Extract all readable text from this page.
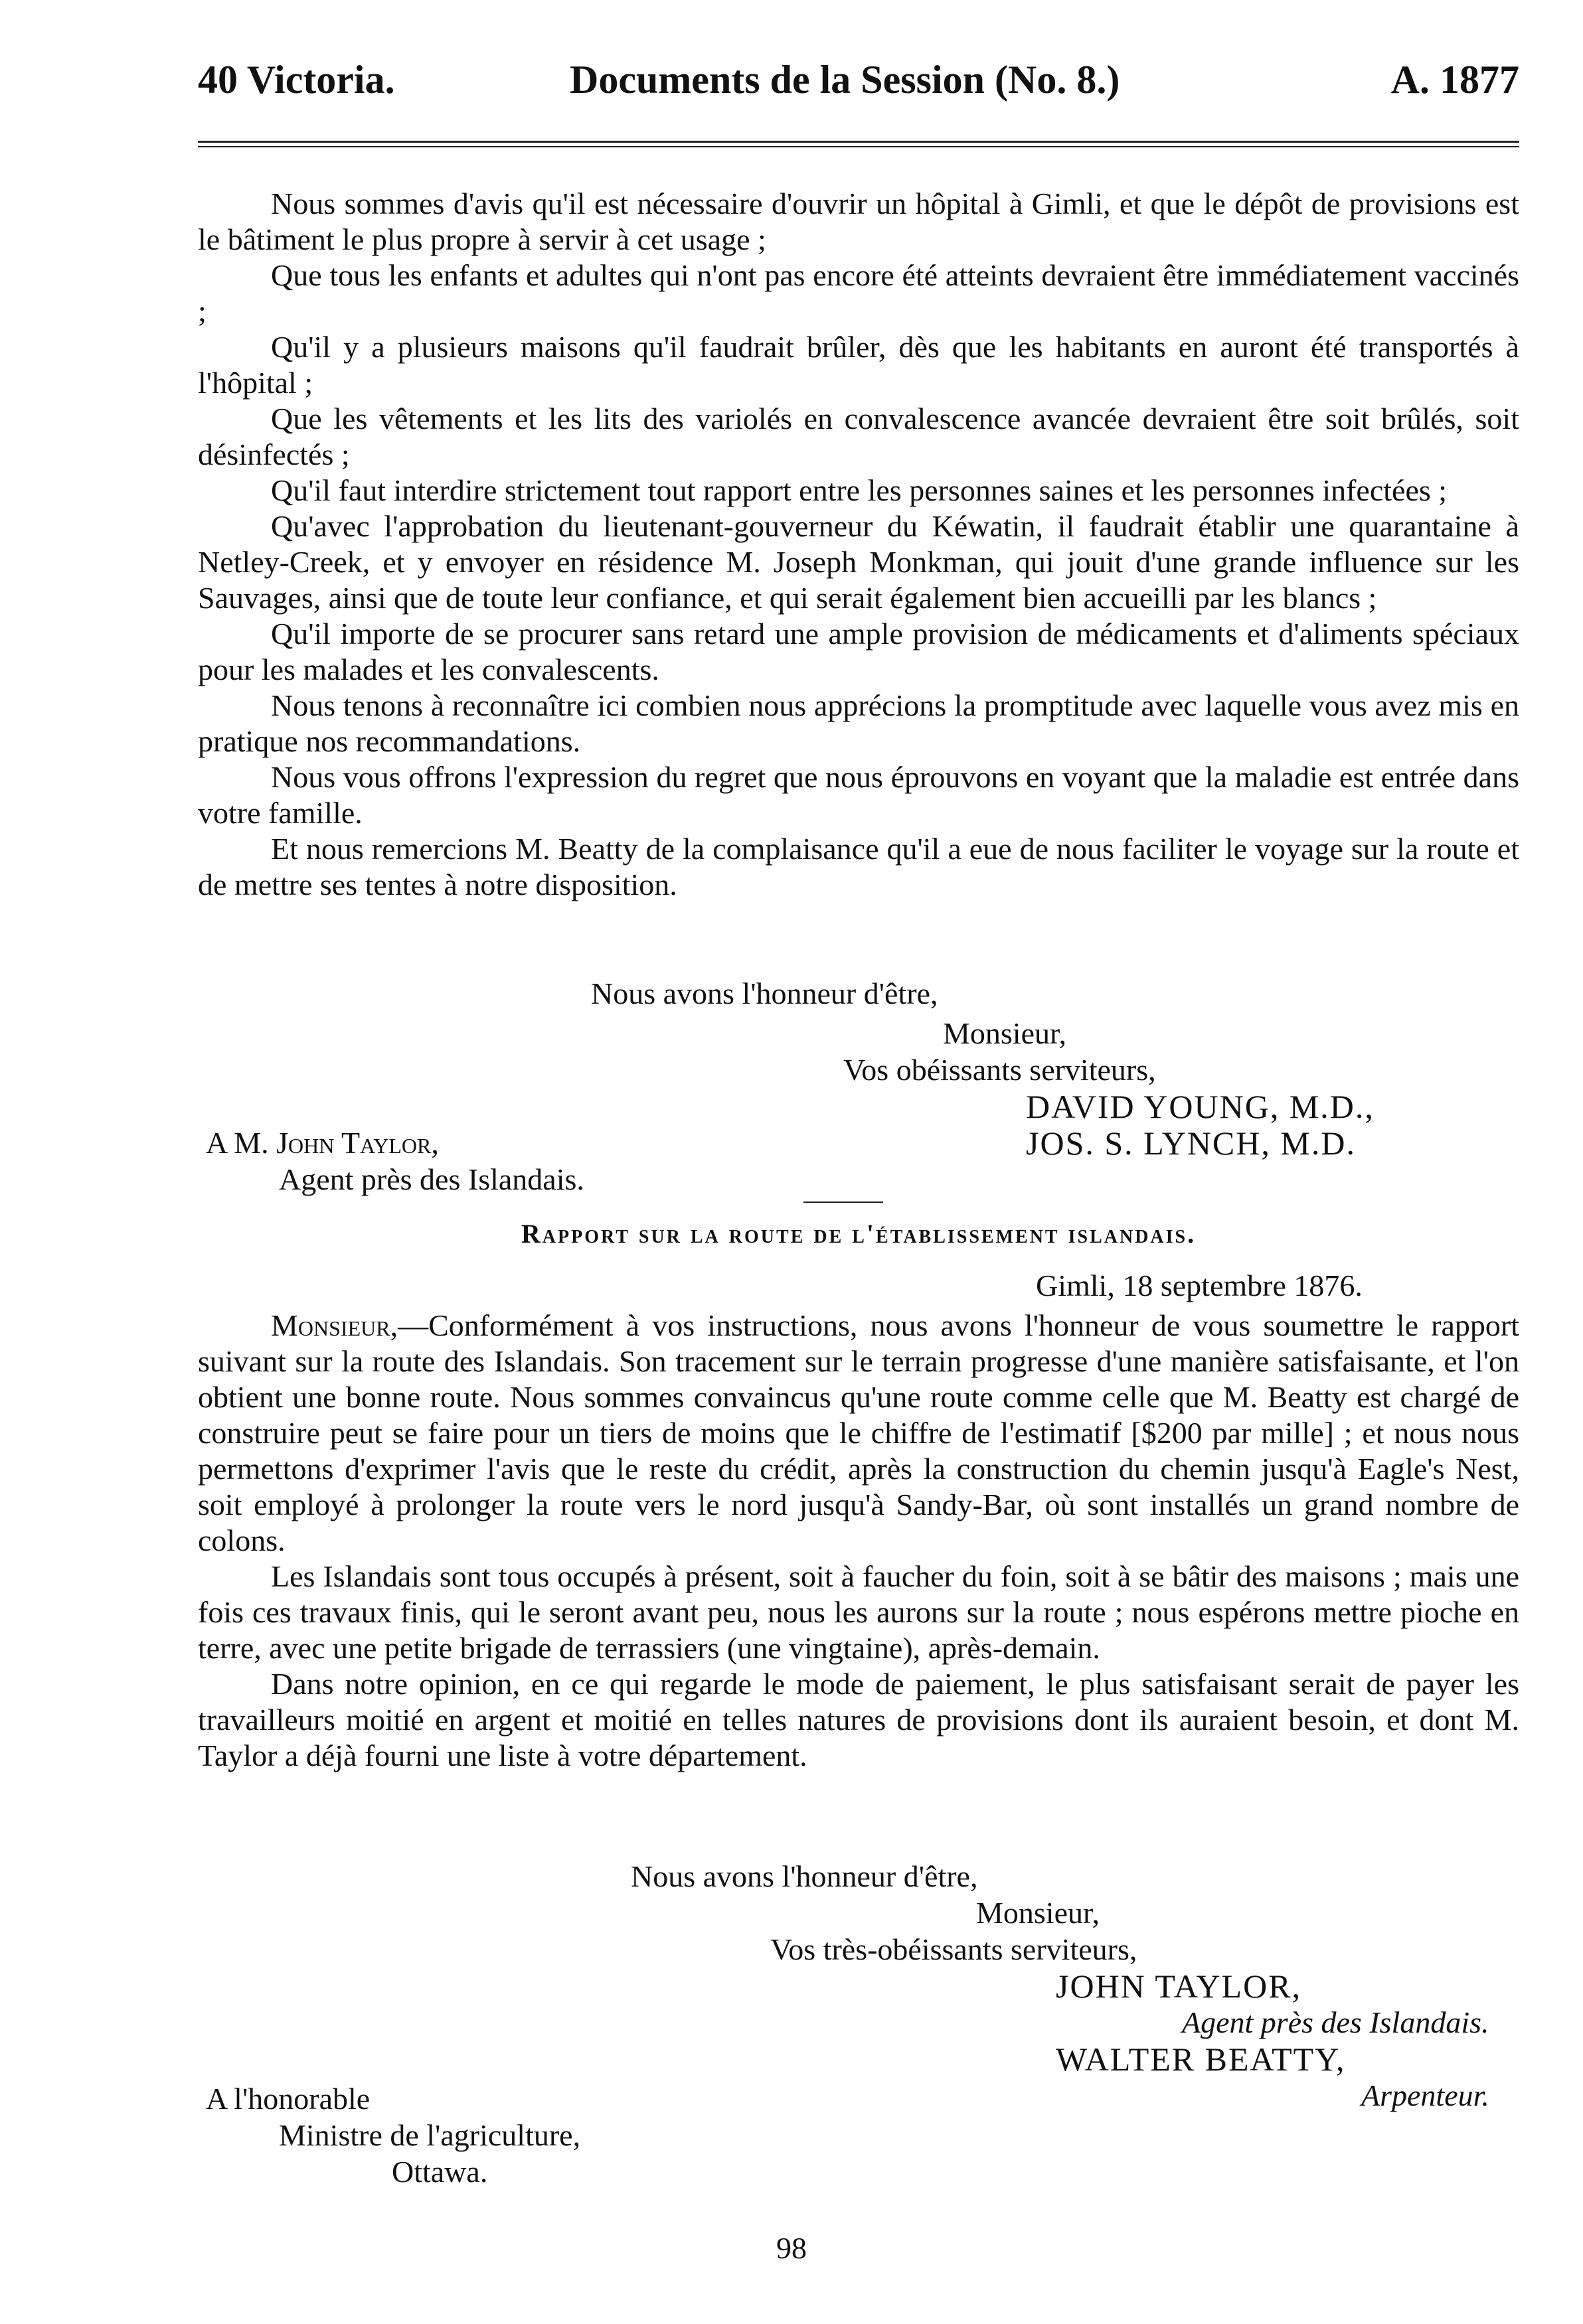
40 Victoria.	Documents de la Session (No. 8.)	A. 1877

Nous sommes d'avis qu'il est nécessaire d'ouvrir un hôpital à Gimli, et que le dépôt de provisions est le bâtiment le plus propre à servir à cet usage ;

Que tous les enfants et adultes qui n'ont pas encore été atteints devraient être immédiatement vaccinés ;

Qu'il y a plusieurs maisons qu'il faudrait brûler, dès que les habitants en auront été transportés à l'hôpital ;

Que les vêtements et les lits des variolés en convalescence avancée devraient être soit brûlés, soit désinfectés ;

Qu'il faut interdire strictement tout rapport entre les personnes saines et les personnes infectées ;

Qu'avec l'approbation du lieutenant-gouverneur du Kéwatin, il faudrait établir une quarantaine à Netley-Creek, et y envoyer en résidence M. Joseph Monkman, qui jouit d'une grande influence sur les Sauvages, ainsi que de toute leur confiance, et qui serait également bien accueilli par les blancs ;

Qu'il importe de se procurer sans retard une ample provision de médicaments et d'aliments spéciaux pour les malades et les convalescents.

Nous tenons à reconnaître ici combien nous apprécions la promptitude avec laquelle vous avez mis en pratique nos recommandations.

Nous vous offrons l'expression du regret que nous éprouvons en voyant que la maladie est entrée dans votre famille.

Et nous remercions M. Beatty de la complaisance qu'il a eue de nous faciliter le voyage sur la route et de mettre ses tentes à notre disposition.

Nous avons l'honneur d'être,
Monsieur,
Vos obéissants serviteurs,
DAVID YOUNG, M.D.,
JOS. S. LYNCH, M.D.
A M. John Taylor,
Agent près des Islandais.
Rapport sur la route de l'établissement islandais.
Gimli, 18 septembre 1876.

Monsieur,—Conformément à vos instructions, nous avons l'honneur de vous soumettre le rapport suivant sur la route des Islandais. Son tracement sur le terrain progresse d'une manière satisfaisante, et l'on obtient une bonne route. Nous sommes convaincus qu'une route comme celle que M. Beatty est chargé de construire peut se faire pour un tiers de moins que le chiffre de l'estimatif [$200 par mille] ; et nous nous permettons d'exprimer l'avis que le reste du crédit, après la construction du chemin jusqu'à Eagle's Nest, soit employé à prolonger la route vers le nord jusqu'à Sandy-Bar, où sont installés un grand nombre de colons.

Les Islandais sont tous occupés à présent, soit à faucher du foin, soit à se bâtir des maisons ; mais une fois ces travaux finis, qui le seront avant peu, nous les aurons sur la route ; nous espérons mettre pioche en terre, avec une petite brigade de terrassiers (une vingtaine), après-demain.

Dans notre opinion, en ce qui regarde le mode de paiement, le plus satisfaisant serait de payer les travailleurs moitié en argent et moitié en telles natures de provisions dont ils auraient besoin, et dont M. Taylor a déjà fourni une liste à votre département.

Nous avons l'honneur d'être,
Monsieur,
Vos très-obéissants serviteurs,
JOHN TAYLOR,
Agent près des Islandais.
WALTER BEATTY,
Arpenteur.
A l'honorable
Ministre de l'agriculture,
Ottawa.
98
